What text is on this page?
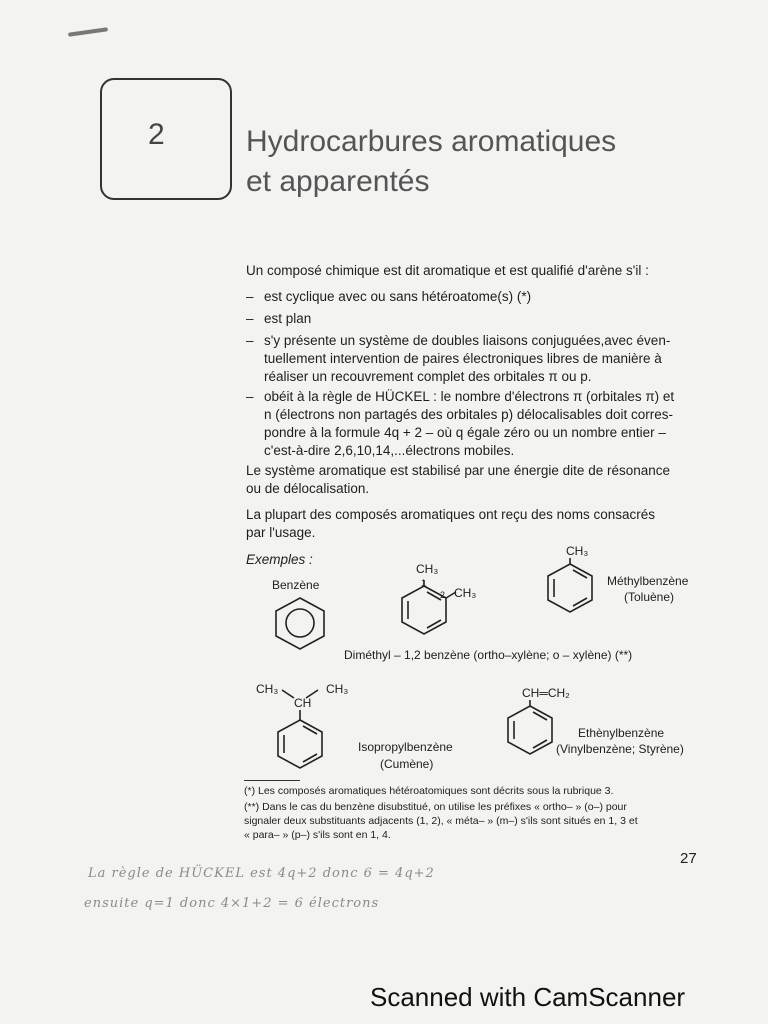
2	Hydrocarbures aromatiques
et apparentés
Un composé chimique est dit aromatique et est qualifié d'arène s'il :
– est cyclique avec ou sans hétéroatome(s) (*)
– est plan
– s'y présente un système de doubles liaisons conjuguées,avec éven-
tuellement intervention de paires électroniques libres de manière à
réaliser un recouvrement complet des orbitales π ou p.
– obéit à la règle de HÜCKEL : le nombre d'électrons π (orbitales π) et
n (électrons non partagés des orbitales p) délocalisables doit corres-
pondre à la formule 4q + 2 – où q égale zéro ou un nombre entier –
c'est-à-dire 2,6,10,14,...électrons mobiles.
Le système aromatique est stabilisé par une énergie dite de résonance
ou de délocalisation.
La plupart des composés aromatiques ont reçu des noms consacrés
par l'usage.
Exemples :
Benzène
CH₃
CH₃
1
2
CH₃
Méthylbenzène
(Toluène)
Diméthyl – 1,2 benzène (ortho–xylène; o – xylène) (**)
CH₃	CH₃
CH
Isopropylbenzène
(Cumène)
CH═CH₂
Ethènylbenzène
(Vinylbenzène; Styrène)
(*) Les composés aromatiques hétéroatomiques sont décrits sous la rubrique 3.
(**) Dans le cas du benzène disubstitué, on utilise les préfixes « ortho– » (o–) pour
signaler deux substituants adjacents (1, 2), « méta– » (m–) s'ils sont situés en 1, 3 et
« para– » (p–) s'ils sont en 1, 4.
27
La règle de HÜCKEL est 4q+2 donc 6 = 4q+2
ensuite q=1 donc 4×1+2 = 6 électrons
Scanned with CamScanner
